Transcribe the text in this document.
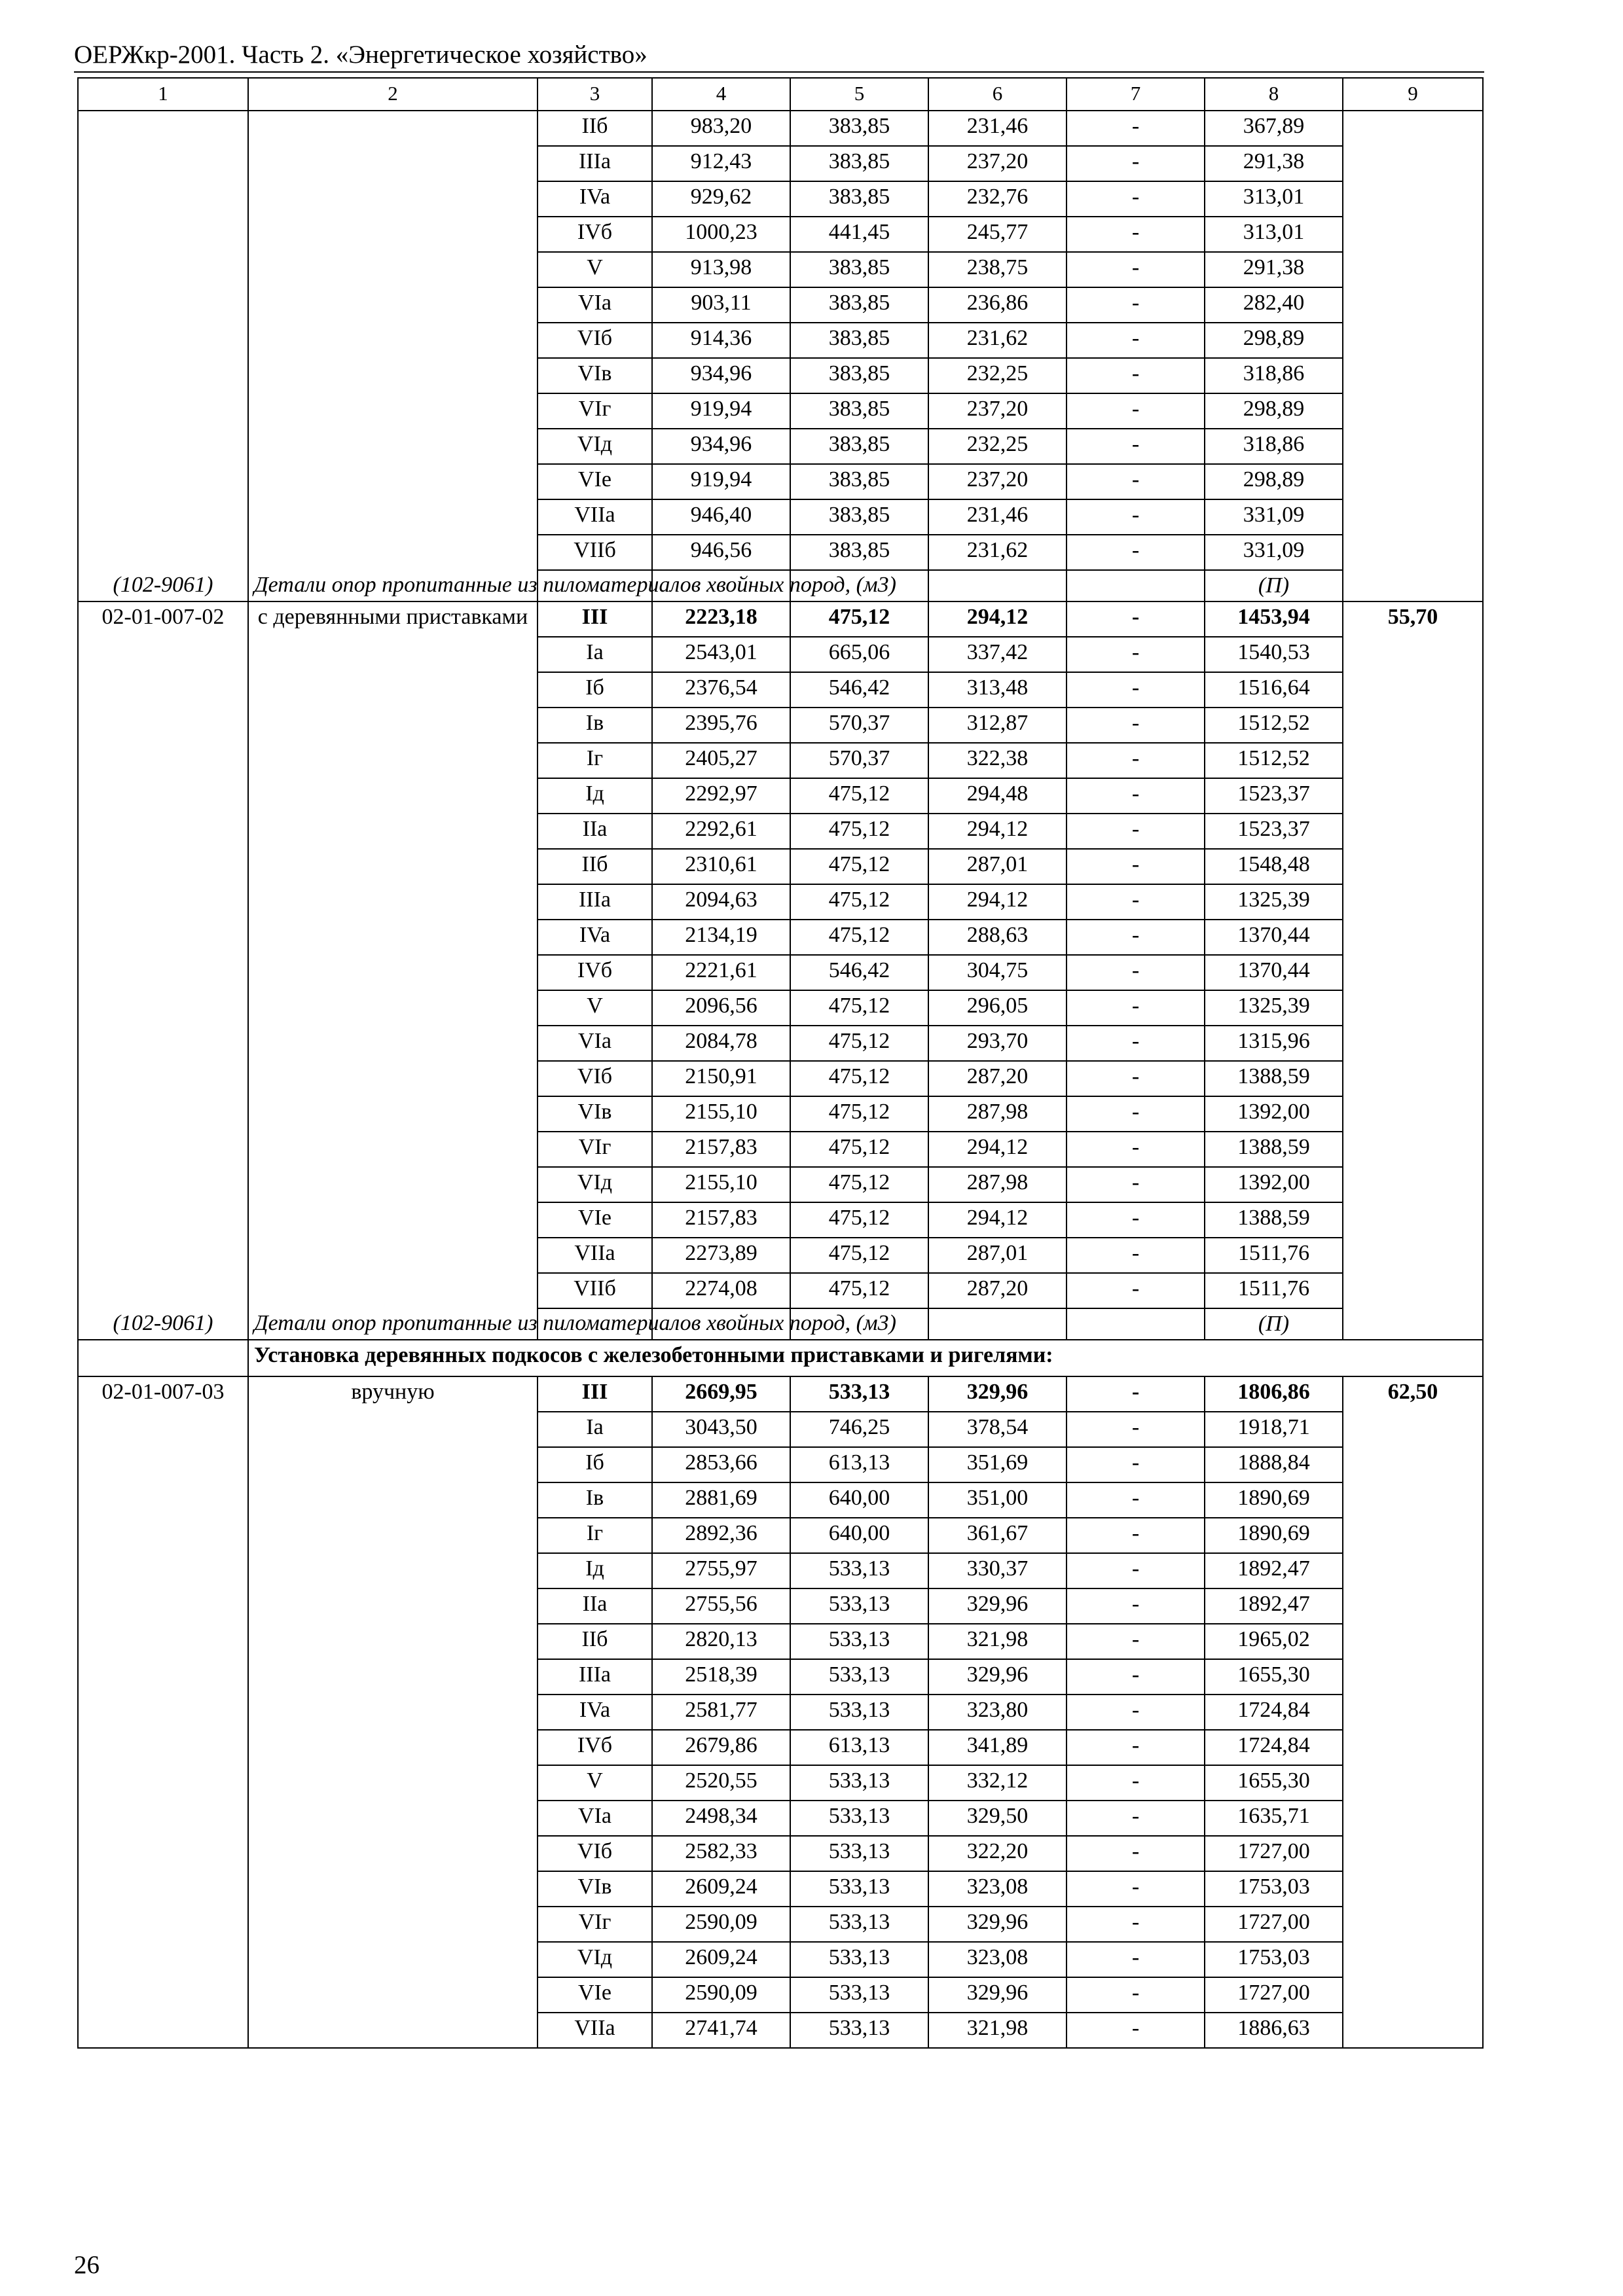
ОЕРЖкр-2001. Часть 2. «Энергетическое хозяйство»
1	2	3	4	5	6	7	8	9
		IIб	983,20	383,85	231,46	-	367,89	
		IIIa	912,43	383,85	237,20	-	291,38	
		IVa	929,62	383,85	232,76	-	313,01	
		IVб	1000,23	441,45	245,77	-	313,01	
		V	913,98	383,85	238,75	-	291,38	
		VIa	903,11	383,85	236,86	-	282,40	
		VIб	914,36	383,85	231,62	-	298,89	
		VIв	934,96	383,85	232,25	-	318,86	
		VIг	919,94	383,85	237,20	-	298,89	
		VIд	934,96	383,85	232,25	-	318,86	
		VIe	919,94	383,85	237,20	-	298,89	
		VIIa	946,40	383,85	231,46	-	331,09	
		VIIб	946,56	383,85	231,62	-	331,09	
(102-9061)	Детали опор пропитанные из пиломатериалов хвойных пород, (м3)						(П)	
02-01-007-02	с деревянными приставками	III	2223,18	475,12	294,12	-	1453,94	55,70
		Ia	2543,01	665,06	337,42	-	1540,53	
		Iб	2376,54	546,42	313,48	-	1516,64	
		Iв	2395,76	570,37	312,87	-	1512,52	
		Iг	2405,27	570,37	322,38	-	1512,52	
		Iд	2292,97	475,12	294,48	-	1523,37	
		IIa	2292,61	475,12	294,12	-	1523,37	
		IIб	2310,61	475,12	287,01	-	1548,48	
		IIIa	2094,63	475,12	294,12	-	1325,39	
		IVa	2134,19	475,12	288,63	-	1370,44	
		IVб	2221,61	546,42	304,75	-	1370,44	
		V	2096,56	475,12	296,05	-	1325,39	
		VIa	2084,78	475,12	293,70	-	1315,96	
		VIб	2150,91	475,12	287,20	-	1388,59	
		VIв	2155,10	475,12	287,98	-	1392,00	
		VIг	2157,83	475,12	294,12	-	1388,59	
		VIд	2155,10	475,12	287,98	-	1392,00	
		VIe	2157,83	475,12	294,12	-	1388,59	
		VIIa	2273,89	475,12	287,01	-	1511,76	
		VIIб	2274,08	475,12	287,20	-	1511,76	
(102-9061)	Детали опор пропитанные из пиломатериалов хвойных пород, (м3)						(П)	
	Установка деревянных подкосов с железобетонными приставками и ригелями:							
02-01-007-03	вручную	III	2669,95	533,13	329,96	-	1806,86	62,50
		Ia	3043,50	746,25	378,54	-	1918,71	
		Iб	2853,66	613,13	351,69	-	1888,84	
		Iв	2881,69	640,00	351,00	-	1890,69	
		Iг	2892,36	640,00	361,67	-	1890,69	
		Iд	2755,97	533,13	330,37	-	1892,47	
		IIa	2755,56	533,13	329,96	-	1892,47	
		IIб	2820,13	533,13	321,98	-	1965,02	
		IIIa	2518,39	533,13	329,96	-	1655,30	
		IVa	2581,77	533,13	323,80	-	1724,84	
		IVб	2679,86	613,13	341,89	-	1724,84	
		V	2520,55	533,13	332,12	-	1655,30	
		VIa	2498,34	533,13	329,50	-	1635,71	
		VIб	2582,33	533,13	322,20	-	1727,00	
		VIв	2609,24	533,13	323,08	-	1753,03	
		VIг	2590,09	533,13	329,96	-	1727,00	
		VIд	2609,24	533,13	323,08	-	1753,03	
		VIe	2590,09	533,13	329,96	-	1727,00	
		VIIa	2741,74	533,13	321,98	-	1886,63	
26
